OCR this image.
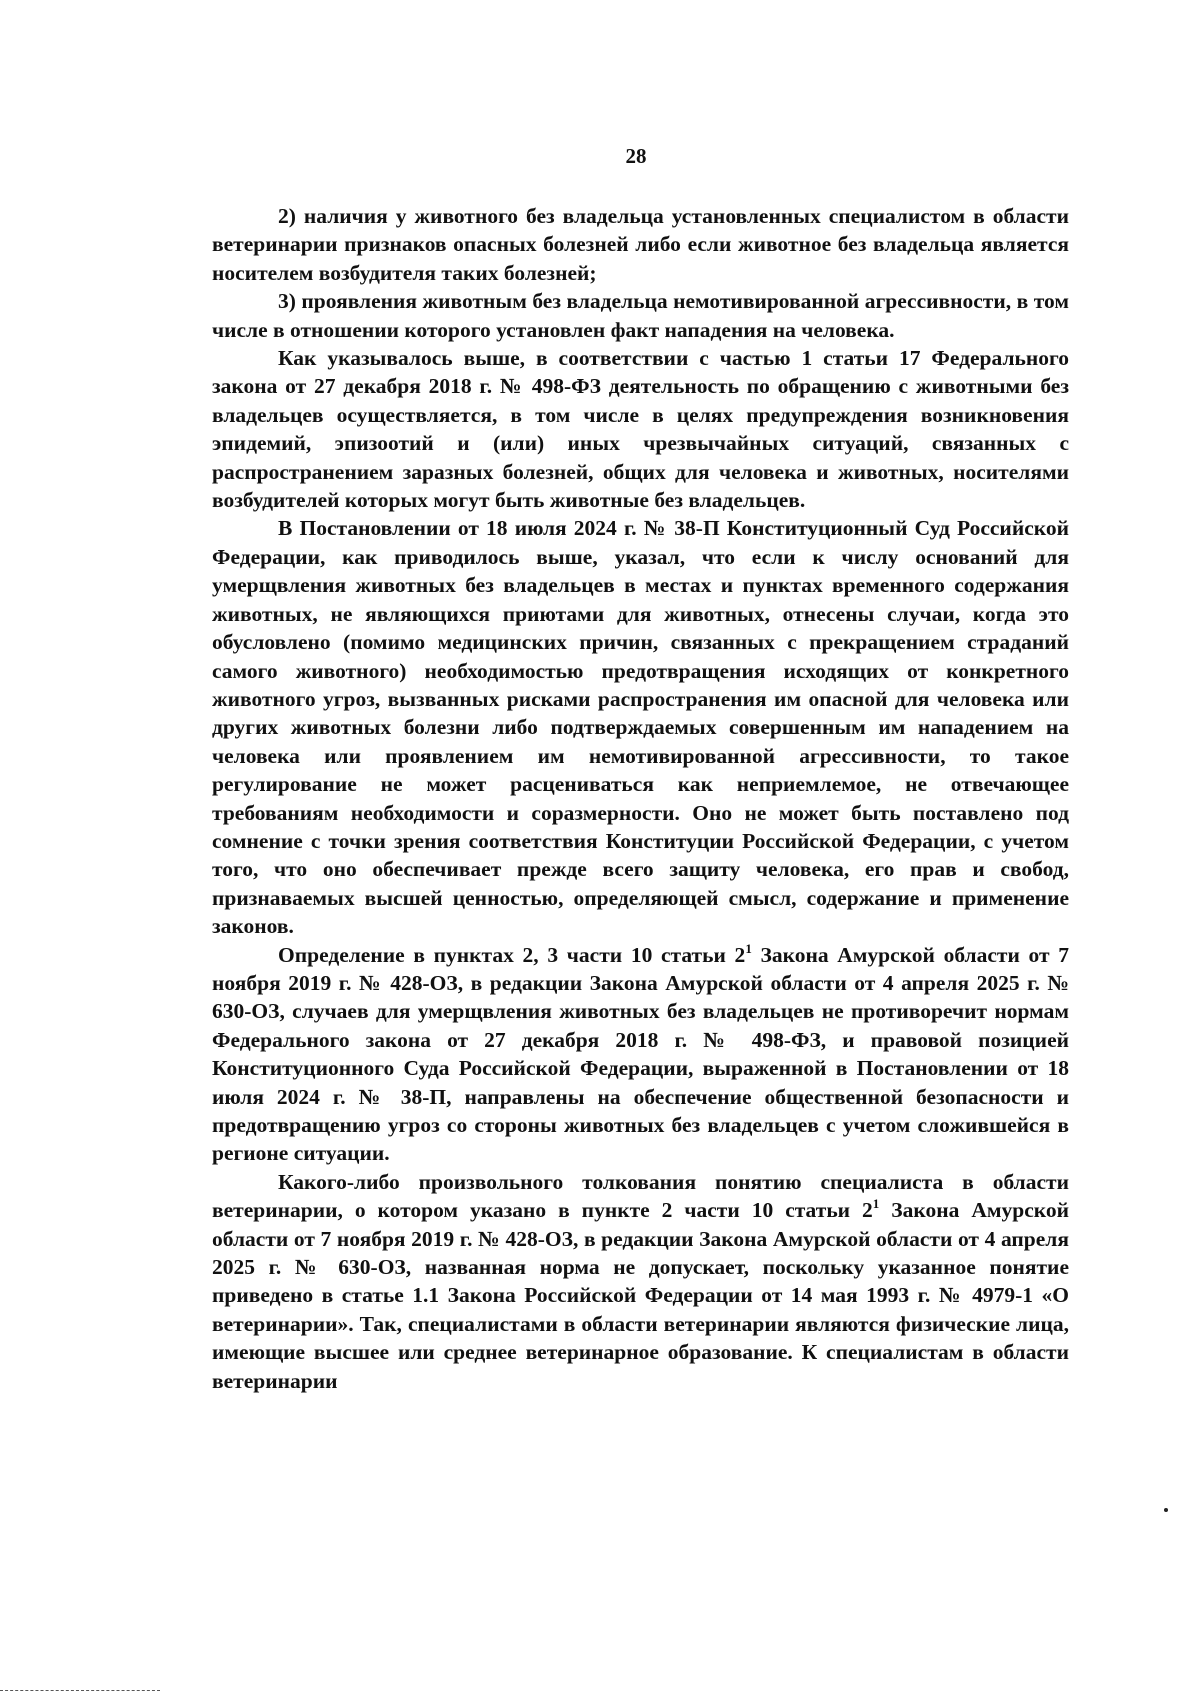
28

2) наличия у животного без владельца установленных специалистом в области ветеринарии признаков опасных болезней либо если животное без владельца является носителем возбудителя таких болезней;

3) проявления животным без владельца немотивированной агрессивности, в том числе в отношении которого установлен факт нападения на человека.

Как указывалось выше, в соответствии с частью 1 статьи 17 Федерального закона от 27 декабря 2018 г. № 498-ФЗ деятельность по обращению с животными без владельцев осуществляется, в том числе в целях предупреждения возникновения эпидемий, эпизоотий и (или) иных чрезвычайных ситуаций, связанных с распространением заразных болезней, общих для человека и животных, носителями возбудителей которых могут быть животные без владельцев.

В Постановлении от 18 июля 2024 г. № 38-П Конституционный Суд Российской Федерации, как приводилось выше, указал, что если к числу оснований для умерщвления животных без владельцев в местах и пунктах временного содержания животных, не являющихся приютами для животных, отнесены случаи, когда это обусловлено (помимо медицинских причин, связанных с прекращением страданий самого животного) необходимостью предотвращения исходящих от конкретного животного угроз, вызванных рисками распространения им опасной для человека или других животных болезни либо подтверждаемых совершенным им нападением на человека или проявлением им немотивированной агрессивности, то такое регулирование не может расцениваться как неприемлемое, не отвечающее требованиям необходимости и соразмерности. Оно не может быть поставлено под сомнение с точки зрения соответствия Конституции Российской Федерации, с учетом того, что оно обеспечивает прежде всего защиту человека, его прав и свобод, признаваемых высшей ценностью, определяющей смысл, содержание и применение законов.

Определение в пунктах 2, 3 части 10 статьи $2^1$ Закона Амурской области от 7 ноября 2019 г. № 428-ОЗ, в редакции Закона Амурской области от 4 апреля 2025 г. № 630-ОЗ, случаев для умерщвления животных без владельцев не противоречит нормам Федерального закона от 27 декабря 2018 г. № 498-ФЗ, и правовой позицией Конституционного Суда Российской Федерации, выраженной в Постановлении от 18 июля 2024 г. № 38-П, направлены на обеспечение общественной безопасности и предотвращению угроз со стороны животных без владельцев с учетом сложившейся в регионе ситуации.

Какого-либо произвольного толкования понятию специалиста в области ветеринарии, о котором указано в пункте 2 части 10 статьи $2^1$ Закона Амурской области от 7 ноября 2019 г. № 428-ОЗ, в редакции Закона Амурской области от 4 апреля 2025 г. № 630-ОЗ, названная норма не допускает, поскольку указанное понятие приведено в статье 1.1 Закона Российской Федерации от 14 мая 1993 г. № 4979-1 «О ветеринарии». Так, специалистами в области ветеринарии являются физические лица, имеющие высшее или среднее ветеринарное образование. К специалистам в области ветеринарии
